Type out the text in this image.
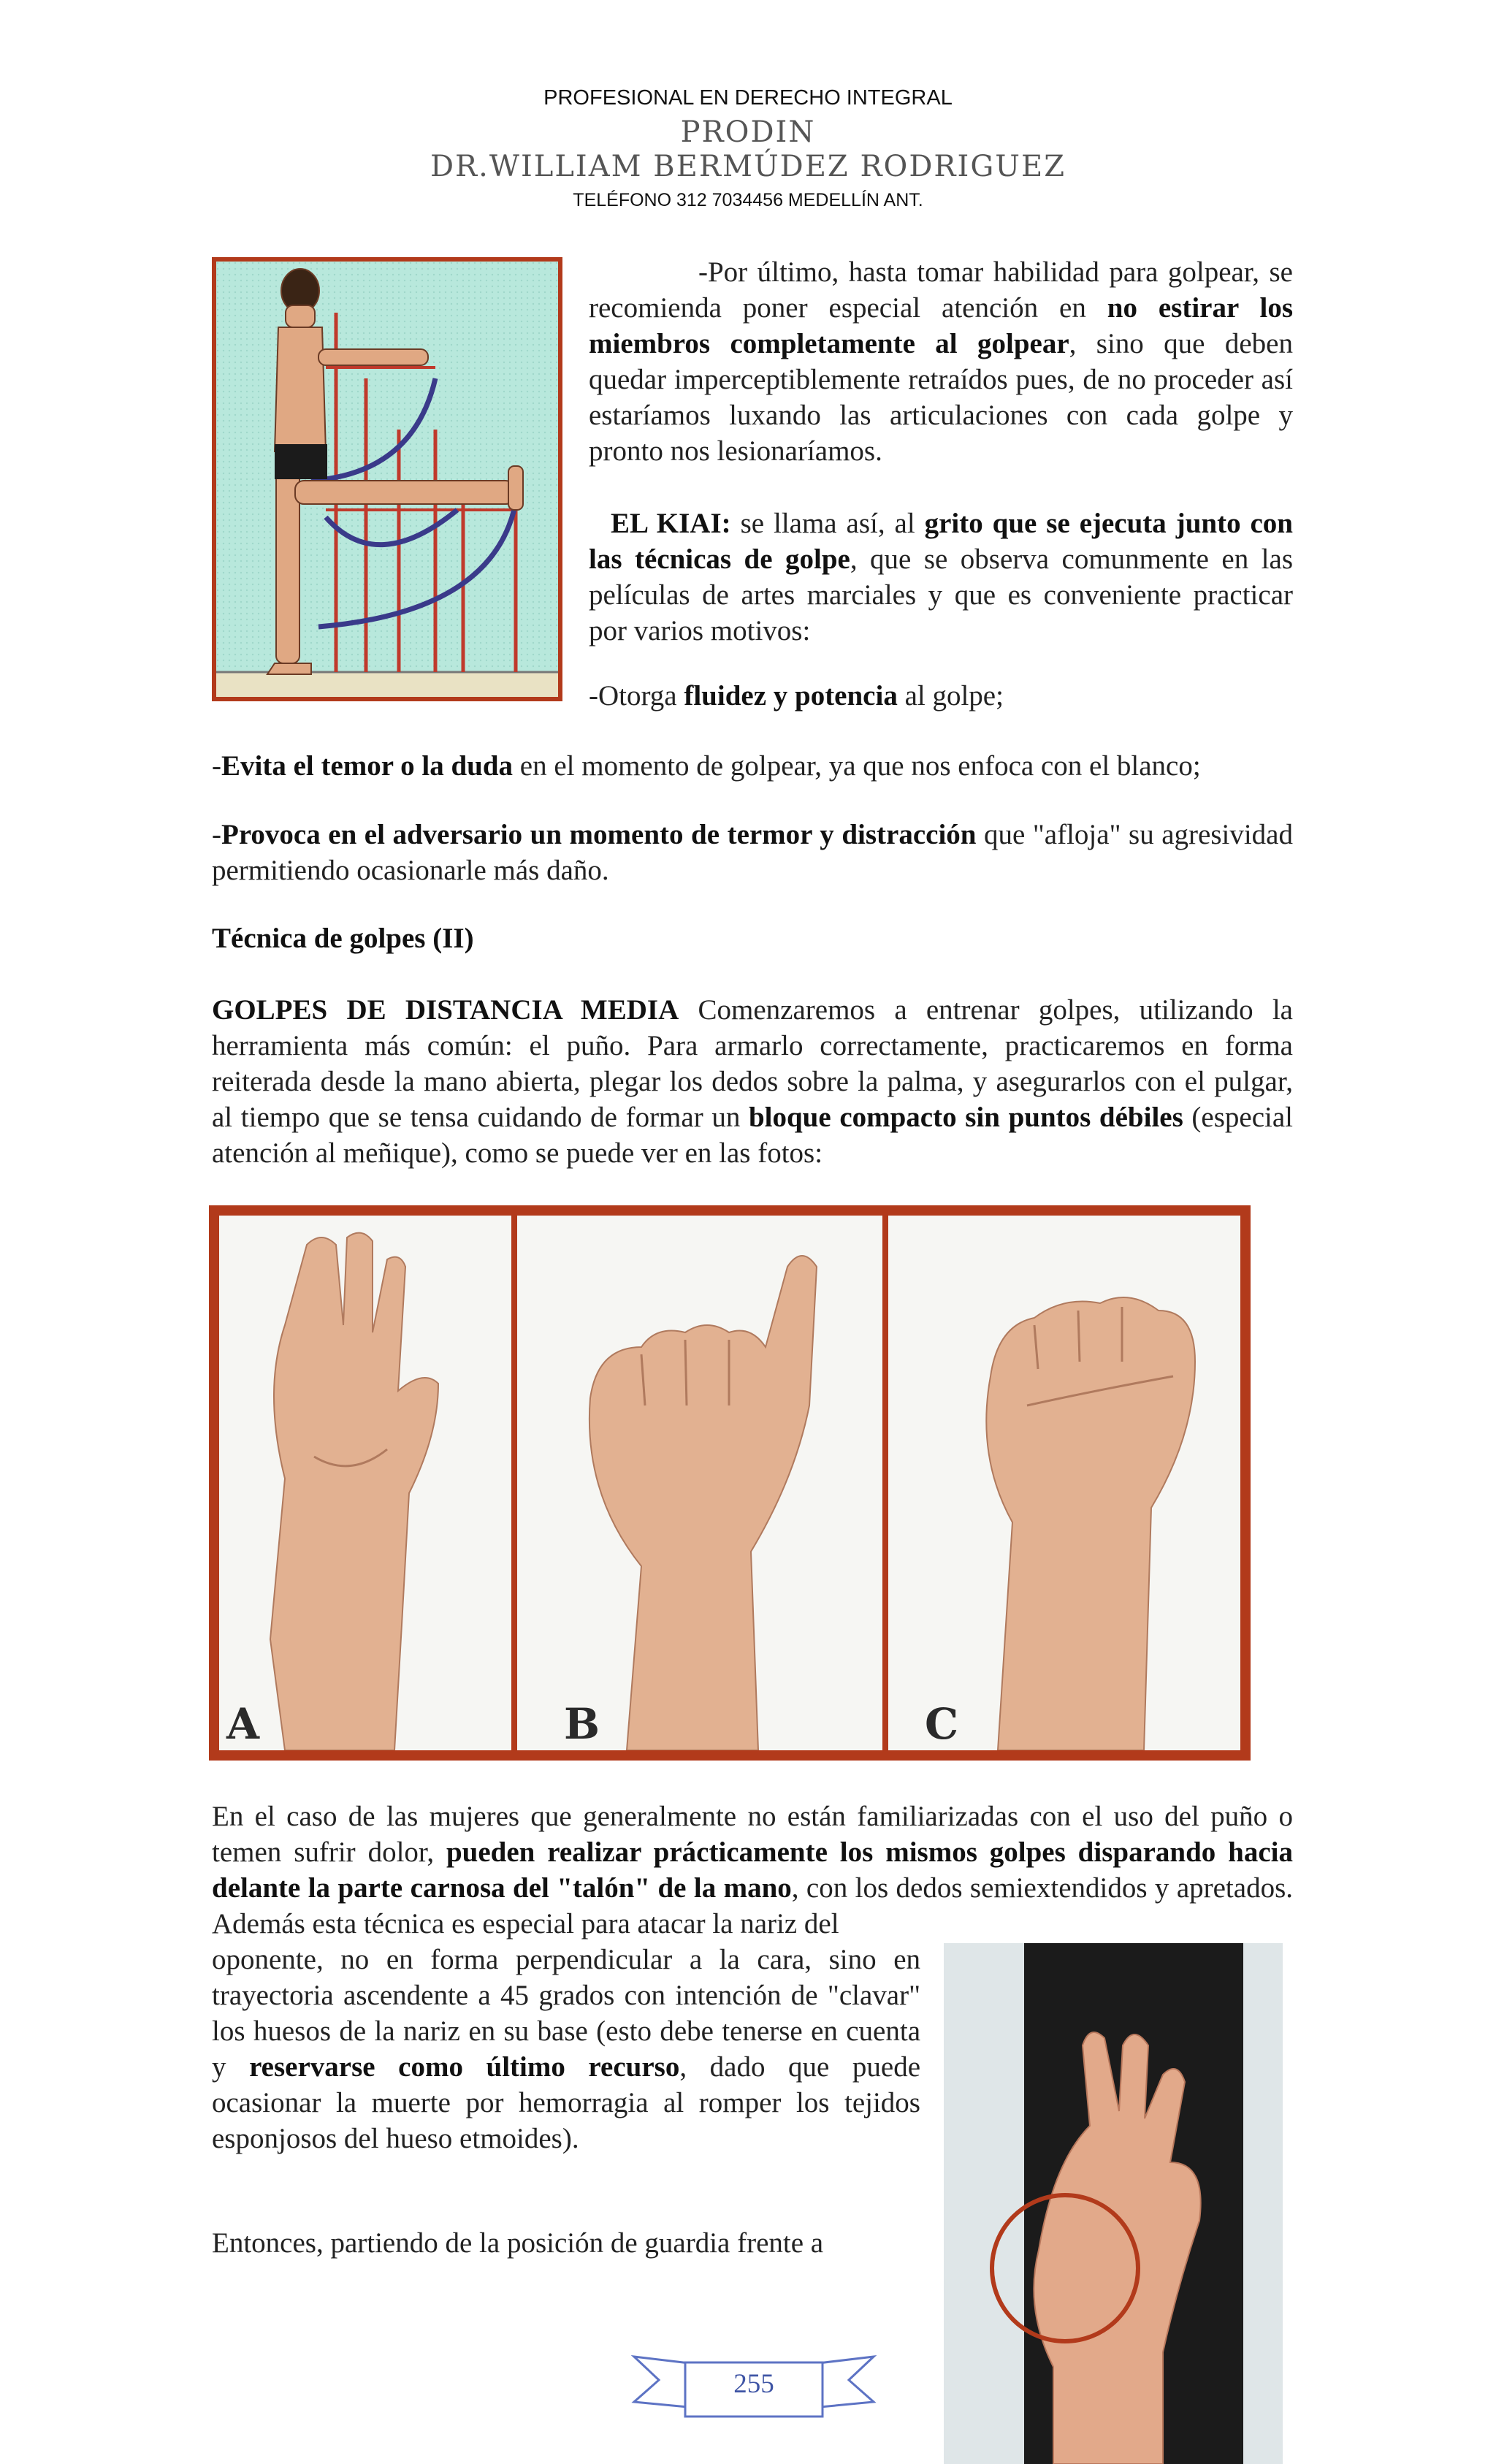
PROFESIONAL EN DERECHO INTEGRAL
PRODIN
DR.WILLIAM BERMÚDEZ RODRIGUEZ
TELÉFONO 312 7034456 MEDELLÍN ANT.

-Por último, hasta tomar habilidad para golpear, se recomienda poner especial atención en no estirar los miembros completamente al golpear, sino que deben quedar imperceptiblemente retraídos pues, de no proceder así estaríamos luxando las articulaciones con cada golpe y pronto nos lesionaríamos.

EL KIAI: se llama así, al grito que se ejecuta junto con las técnicas de golpe, que se observa comunmente en las películas de artes marciales y que es conveniente practicar por varios motivos:

-Otorga fluidez y potencia al golpe;

-Evita el temor o la duda en el momento de golpear, ya que nos enfoca con el blanco;

-Provoca en el adversario un momento de termor y distracción que "afloja" su agresividad permitiendo ocasionarle más daño.

Técnica de golpes (II)

GOLPES DE DISTANCIA MEDIA Comenzaremos a entrenar golpes, utilizando la herramienta más común: el puño. Para armarlo correctamente, practicaremos en forma reiterada desde la mano abierta, plegar los dedos sobre la palma, y asegurarlos con el pulgar, al tiempo que se tensa cuidando de formar un bloque compacto sin puntos débiles (especial atención al meñique), como se puede ver en las fotos:

A	B	C

En el caso de las mujeres que generalmente no están familiarizadas con el uso del puño o temen sufrir dolor, pueden realizar prácticamente los mismos golpes disparando hacia delante la parte carnosa del "talón" de la mano, con los dedos semiextendidos y apretados. Además esta técnica es especial para atacar la nariz del

oponente, no en forma perpendicular a la cara, sino en trayectoria ascendente a 45 grados con intención de "clavar" los huesos de la nariz en su base (esto debe tenerse en cuenta y reservarse como último recurso, dado que puede ocasionar la muerte por hemorragia al romper los tejidos esponjosos del hueso etmoides).

Entonces, partiendo de la posición de guardia frente a

255
